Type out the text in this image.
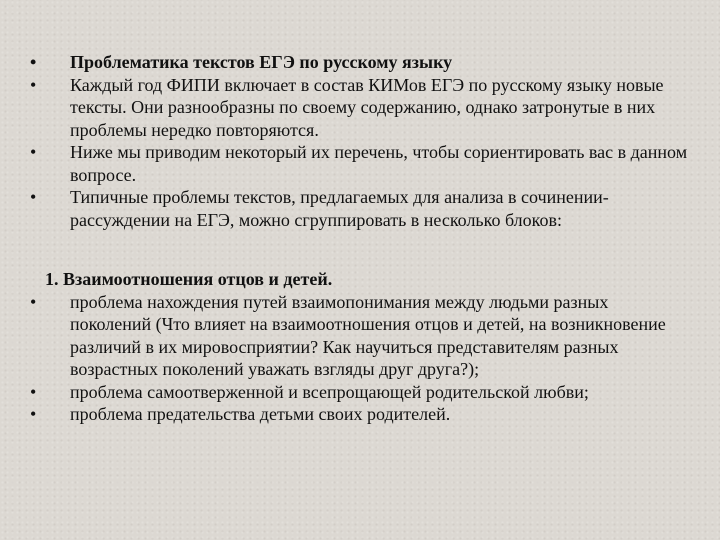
•	Проблематика текстов ЕГЭ по русскому языку
•	Каждый год ФИПИ включает в состав КИМов ЕГЭ по русскому языку новые тексты. Они разнообразны по своему содержанию, однако затронутые в них проблемы нередко повторяются.
•	Ниже мы приводим некоторый их перечень, чтобы сориентировать вас в данном вопросе.
•	Типичные проблемы текстов, предлагаемых для анализа в сочинении-рассуждении на ЕГЭ, можно сгруппировать в несколько блоков:
1. Взаимоотношения отцов и детей.
•	проблема нахождения путей взаимопонимания между людьми разных поколений (Что влияет на взаимоотношения отцов и детей, на возникновение различий в их мировосприятии? Как научиться представителям разных возрастных поколений уважать взгляды друг друга?);
•	проблема самоотверженной и всепрощающей родительской любви;
•	проблема предательства детьми своих родителей.
